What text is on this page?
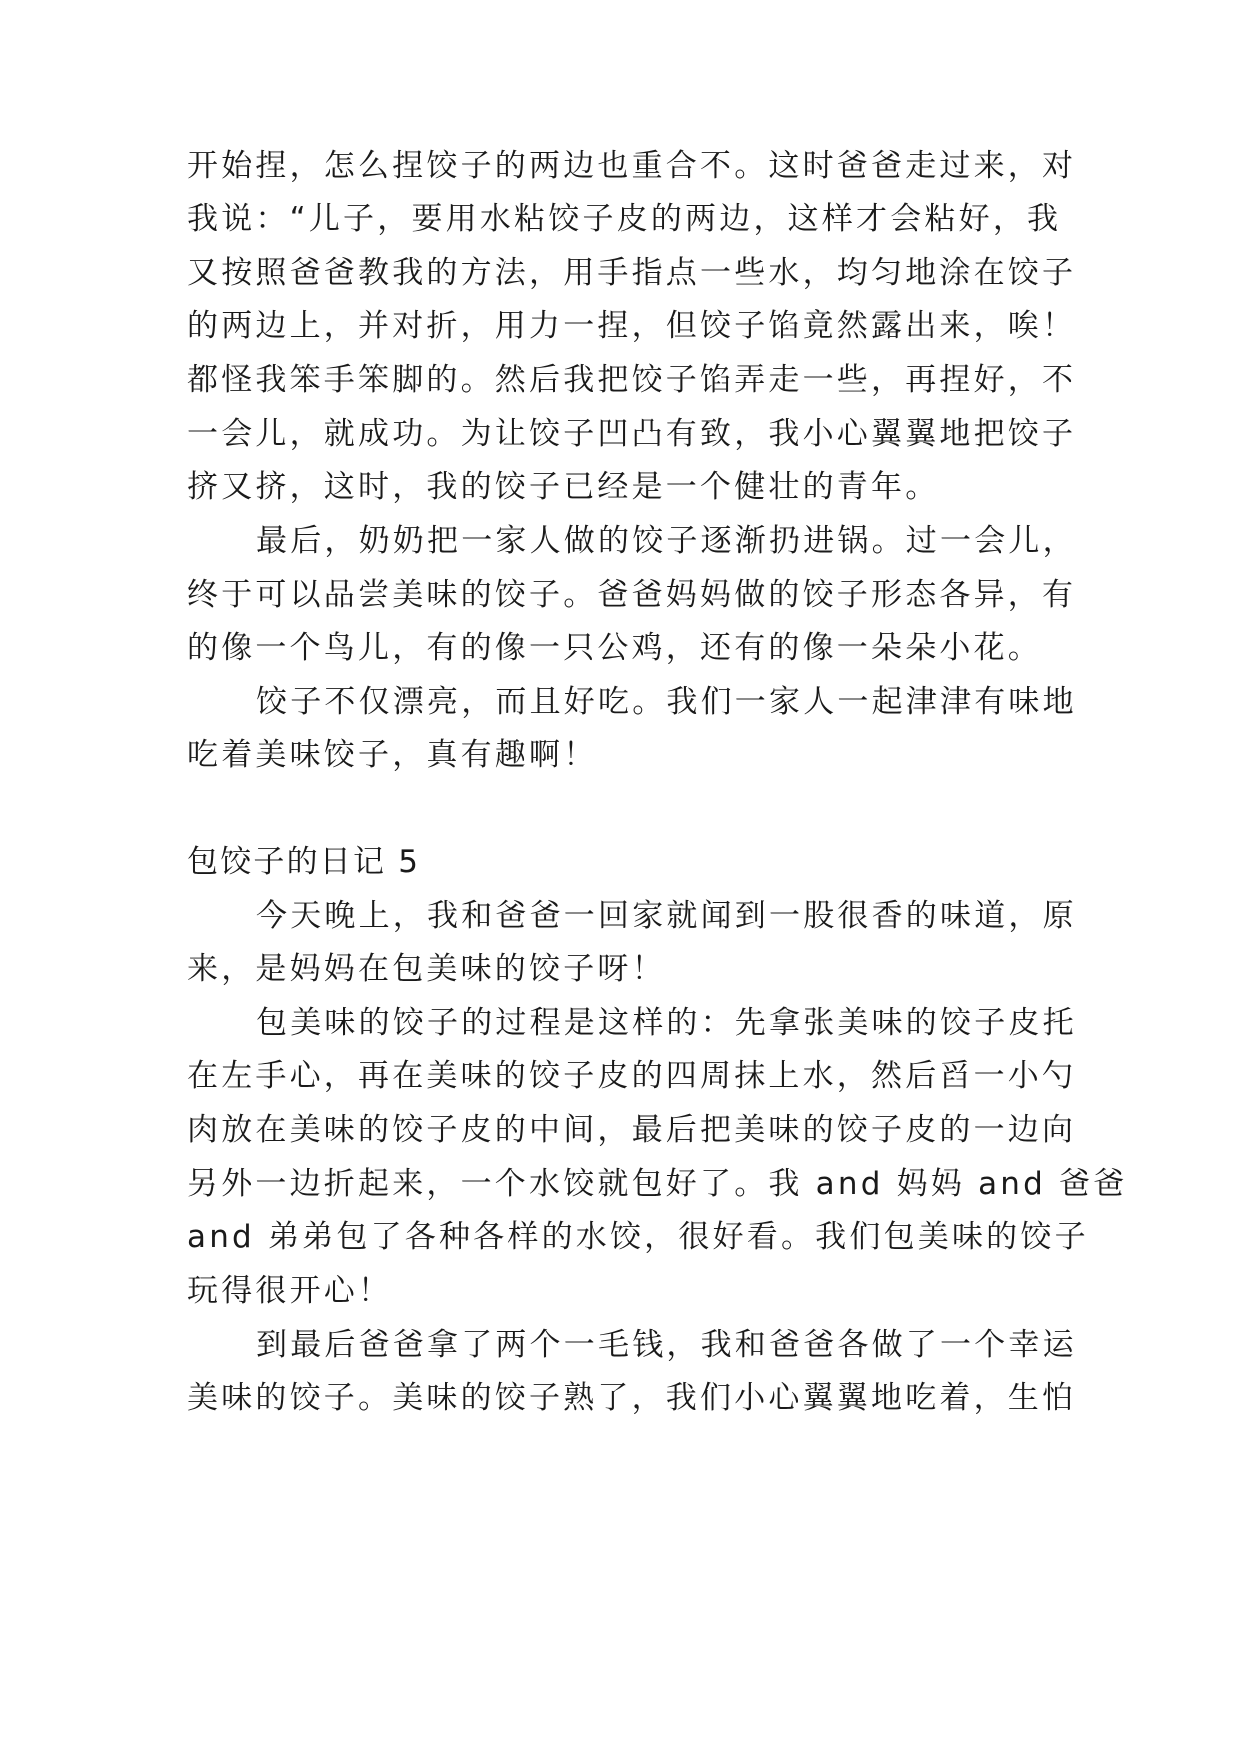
开始捏，怎么捏饺子的两边也重合不。这时爸爸走过来，对
我说：“儿子，要用水粘饺子皮的两边，这样才会粘好，我
又按照爸爸教我的方法，用手指点一些水，均匀地涂在饺子
的两边上，并对折，用力一捏，但饺子馅竟然露出来，唉！
都怪我笨手笨脚的。然后我把饺子馅弄走一些，再捏好，不
一会儿，就成功。为让饺子凹凸有致，我小心翼翼地把饺子
挤又挤，这时，我的饺子已经是一个健壮的青年。
最后，奶奶把一家人做的饺子逐渐扔进锅。过一会儿，
终于可以品尝美味的饺子。爸爸妈妈做的饺子形态各异，有
的像一个鸟儿，有的像一只公鸡，还有的像一朵朵小花。
饺子不仅漂亮，而且好吃。我们一家人一起津津有味地
吃着美味饺子，真有趣啊！
包饺子的日记 5
今天晚上，我和爸爸一回家就闻到一股很香的味道，原
来，是妈妈在包美味的饺子呀！
包美味的饺子的过程是这样的：先拿张美味的饺子皮托
在左手心，再在美味的饺子皮的四周抹上水，然后舀一小勺
肉放在美味的饺子皮的中间，最后把美味的饺子皮的一边向
另外一边折起来，一个水饺就包好了。我 and 妈妈 and 爸爸
and 弟弟包了各种各样的水饺，很好看。我们包美味的饺子
玩得很开心！
到最后爸爸拿了两个一毛钱，我和爸爸各做了一个幸运
美味的饺子。美味的饺子熟了，我们小心翼翼地吃着，生怕
